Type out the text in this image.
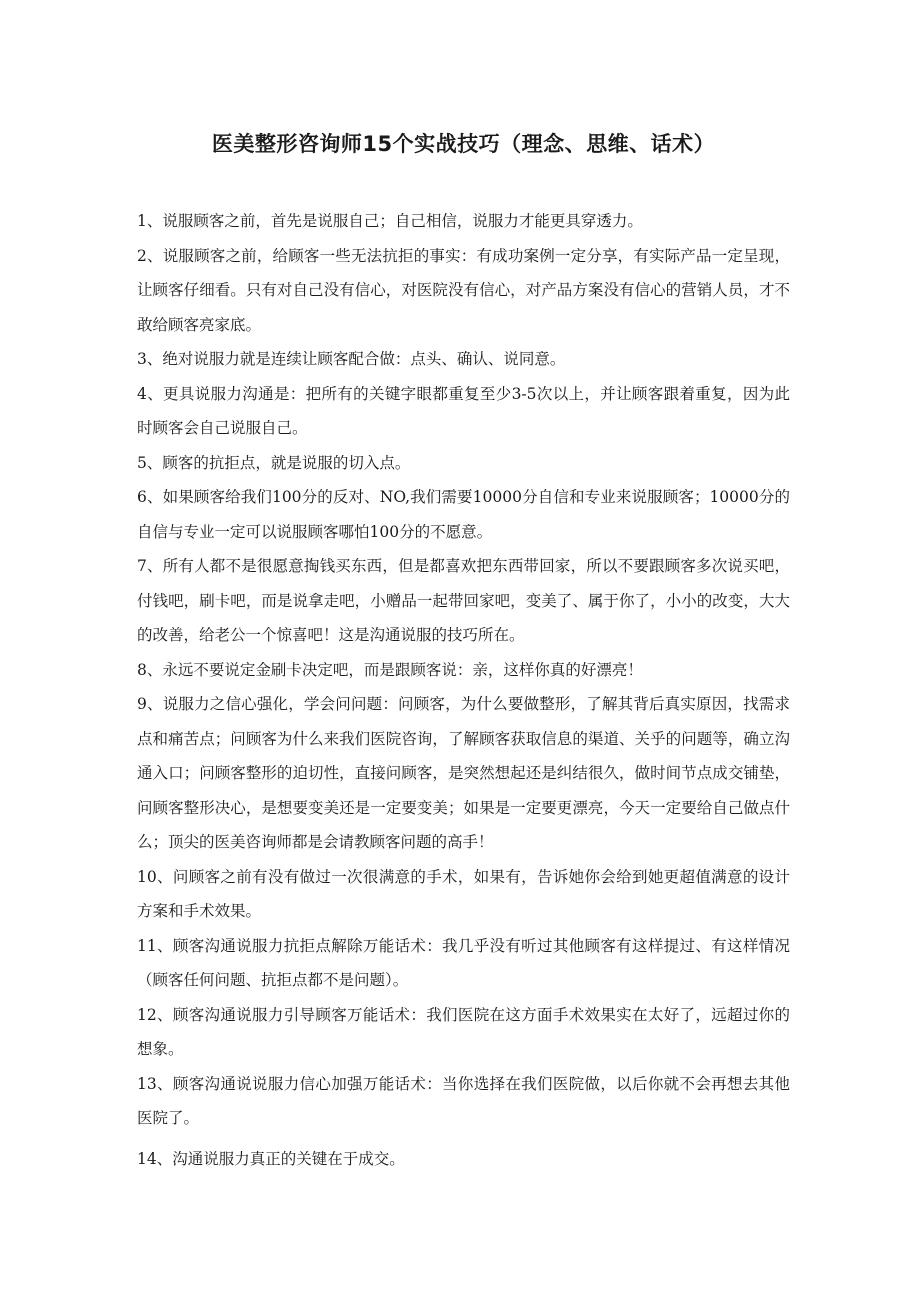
医美整形咨询师15个实战技巧（理念、思维、话术）
1、说服顾客之前，首先是说服自己；自己相信，说服力才能更具穿透力。
2、说服顾客之前，给顾客一些无法抗拒的事实：有成功案例一定分享，有实际产品一定呈现，让顾客仔细看。只有对自己没有信心，对医院没有信心，对产品方案没有信心的营销人员，才不敢给顾客亮家底。
3、绝对说服力就是连续让顾客配合做：点头、确认、说同意。
4、更具说服力沟通是：把所有的关键字眼都重复至少3-5次以上，并让顾客跟着重复，因为此时顾客会自己说服自己。
5、顾客的抗拒点，就是说服的切入点。
6、如果顾客给我们100分的反对、NO,我们需要10000分自信和专业来说服顾客；10000分的自信与专业一定可以说服顾客哪怕100分的不愿意。
7、所有人都不是很愿意掏钱买东西，但是都喜欢把东西带回家，所以不要跟顾客多次说买吧，付钱吧，刷卡吧，而是说拿走吧，小赠品一起带回家吧，变美了、属于你了，小小的改变，大大的改善，给老公一个惊喜吧！这是沟通说服的技巧所在。
8、永远不要说定金刷卡决定吧，而是跟顾客说：亲，这样你真的好漂亮！
9、说服力之信心强化，学会问问题：问顾客，为什么要做整形，了解其背后真实原因，找需求点和痛苦点；问顾客为什么来我们医院咨询，了解顾客获取信息的渠道、关乎的问题等，确立沟通入口；问顾客整形的迫切性，直接问顾客，是突然想起还是纠结很久，做时间节点成交铺垫，问顾客整形决心，是想要变美还是一定要变美；如果是一定要更漂亮，今天一定要给自己做点什么；顶尖的医美咨询师都是会请教顾客问题的高手！
10、问顾客之前有没有做过一次很满意的手术，如果有，告诉她你会给到她更超值满意的设计方案和手术效果。
11、顾客沟通说服力抗拒点解除万能话术：我几乎没有听过其他顾客有这样提过、有这样情况（顾客任何问题、抗拒点都不是问题）。
12、顾客沟通说服力引导顾客万能话术：我们医院在这方面手术效果实在太好了，远超过你的想象。
13、顾客沟通说说服力信心加强万能话术：当你选择在我们医院做，以后你就不会再想去其他医院了。
14、沟通说服力真正的关键在于成交。
